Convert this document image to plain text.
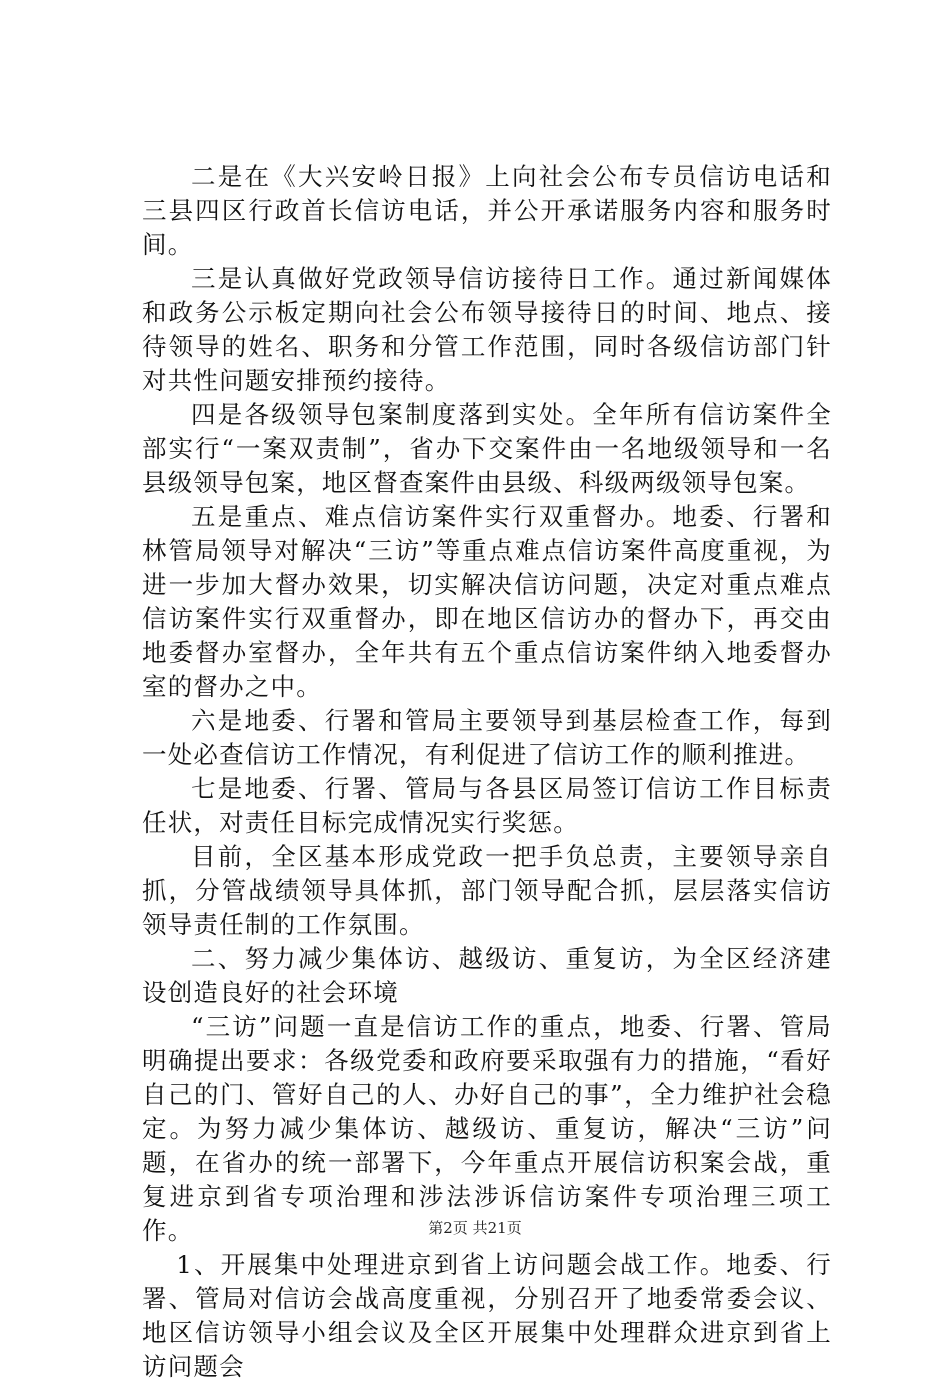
二是在《大兴安岭日报》上向社会公布专员信访电话和三县四区行政首长信访电话，并公开承诺服务内容和服务时间。

三是认真做好党政领导信访接待日工作。通过新闻媒体和政务公示板定期向社会公布领导接待日的时间、地点、接待领导的姓名、职务和分管工作范围，同时各级信访部门针对共性问题安排预约接待。

四是各级领导包案制度落到实处。全年所有信访案件全部实行“一案双责制”，省办下交案件由一名地级领导和一名县级领导包案，地区督查案件由县级、科级两级领导包案。

五是重点、难点信访案件实行双重督办。地委、行署和林管局领导对解决“三访”等重点难点信访案件高度重视，为进一步加大督办效果，切实解决信访问题，决定对重点难点信访案件实行双重督办，即在地区信访办的督办下，再交由地委督办室督办，全年共有五个重点信访案件纳入地委督办室的督办之中。

六是地委、行署和管局主要领导到基层检查工作，每到一处必查信访工作情况，有利促进了信访工作的顺利推进。

七是地委、行署、管局与各县区局签订信访工作目标责任状，对责任目标完成情况实行奖惩。

目前，全区基本形成党政一把手负总责，主要领导亲自抓，分管战绩领导具体抓，部门领导配合抓，层层落实信访领导责任制的工作氛围。

二、努力减少集体访、越级访、重复访，为全区经济建设创造良好的社会环境

“三访”问题一直是信访工作的重点，地委、行署、管局明确提出要求：各级党委和政府要采取强有力的措施，“看好自己的门、管好自己的人、办好自己的事”，全力维护社会稳定。为努力减少集体访、越级访、重复访，解决“三访”问题，在省办的统一部署下，今年重点开展信访积案会战，重复进京到省专项治理和涉法涉诉信访案件专项治理三项工作。

1、开展集中处理进京到省上访问题会战工作。地委、行署、管局对信访会战高度重视，分别召开了地委常委会议、地区信访领导小组会议及全区开展集中处理群众进京到省上访问题会

第2页 共21页
